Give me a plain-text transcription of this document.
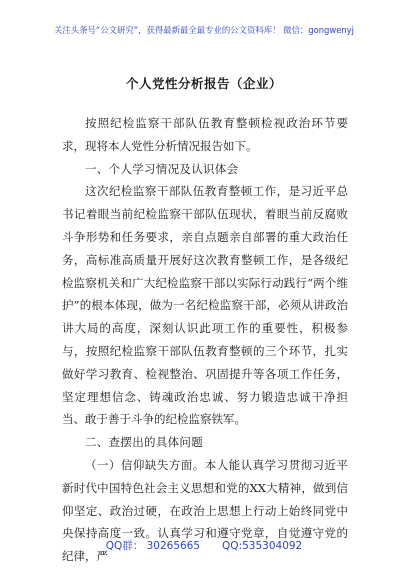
关注头条号“公文研究”，获得最新最全最专业的公文资料库！ 微信：gongwenyj
个人党性分析报告（企业）

按照纪检监察干部队伍教育整顿检视政治环节要求，现将本人党性分析情况报告如下。

一、个人学习情况及认识体会

这次纪检监察干部队伍教育整顿工作，是习近平总书记着眼当前纪检监察干部队伍现状，着眼当前反腐败斗争形势和任务要求，亲自点题亲自部署的重大政治任务，高标准高质量开展好这次教育整顿工作，是各级纪检监察机关和广大纪检监察干部以实际行动践行“两个维护”的根本体现，做为一名纪检监察干部，必须从讲政治讲大局的高度，深刻认识此项工作的重要性，积极参与，按照纪检监察干部队伍教育整顿的三个环节，扎实做好学习教育、检视整治、巩固提升等各项工作任务，坚定理想信念、铸魂政治忠诚、努力锻造忠诚干净担当、敢于善于斗争的纪检监察铁军。

二、查摆出的具体问题

（一）信仰缺失方面。本人能认真学习贯彻习近平新时代中国特色社会主义思想和党的XX大精神，做到信仰坚定、政治过硬，在政治上思想上行动上始终同党中央保持高度一致。认真学习和遵守党章，自觉遵守党的纪律，严

QQ群： 30265665 QQ:535304092
